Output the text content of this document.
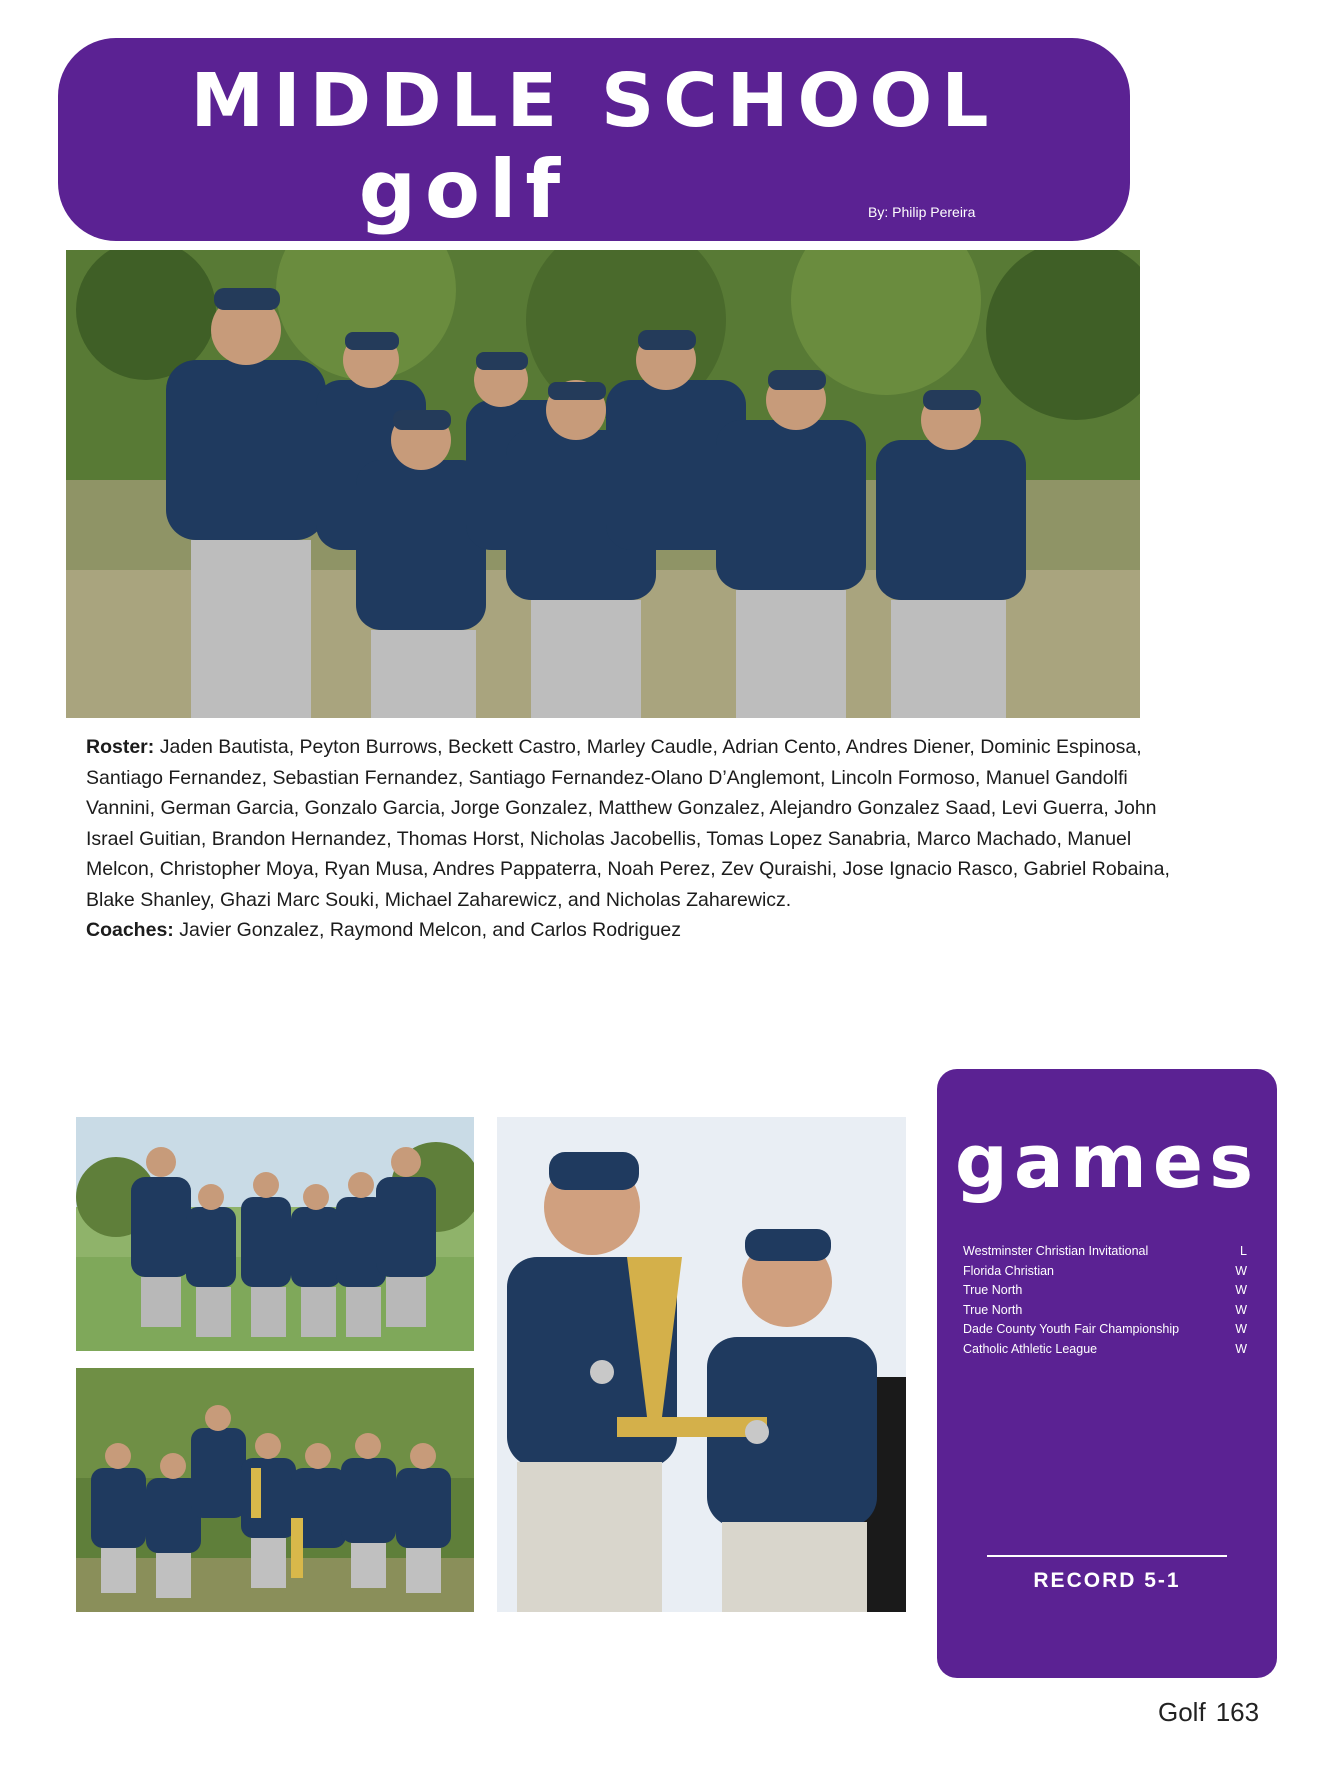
MIDDLE SCHOOL
golf	By: Philip Pereira

Roster: Jaden Bautista, Peyton Burrows, Beckett Castro, Marley Caudle, Adrian Cento, Andres Diener, Dominic Espinosa, Santiago Fernandez, Sebastian Fernandez, Santiago Fernandez-Olano D’Anglemont, Lincoln Formoso, Manuel Gandolfi Vannini, German Garcia, Gonzalo Garcia, Jorge Gonzalez, Matthew Gonzalez, Alejandro Gonzalez Saad, Levi Guerra, John Israel Guitian, Brandon Hernandez, Thomas Horst, Nicholas Jacobellis, Tomas Lopez Sanabria, Marco Machado, Manuel Melcon, Christopher Moya, Ryan Musa, Andres Pappaterra, Noah Perez, Zev Quraishi, Jose Ignacio Rasco, Gabriel Robaina, Blake Shanley, Ghazi Marc Souki, Michael Zaharewicz, and Nicholas Zaharewicz.

Coaches: Javier Gonzalez, Raymond Melcon, and Carlos Rodriguez

games
Westminster Christian Invitational	L
Florida Christian	W
True North	W
True North	W
Dade County Youth Fair Championship	W
Catholic Athletic League	W
RECORD 5-1
Golf 163
